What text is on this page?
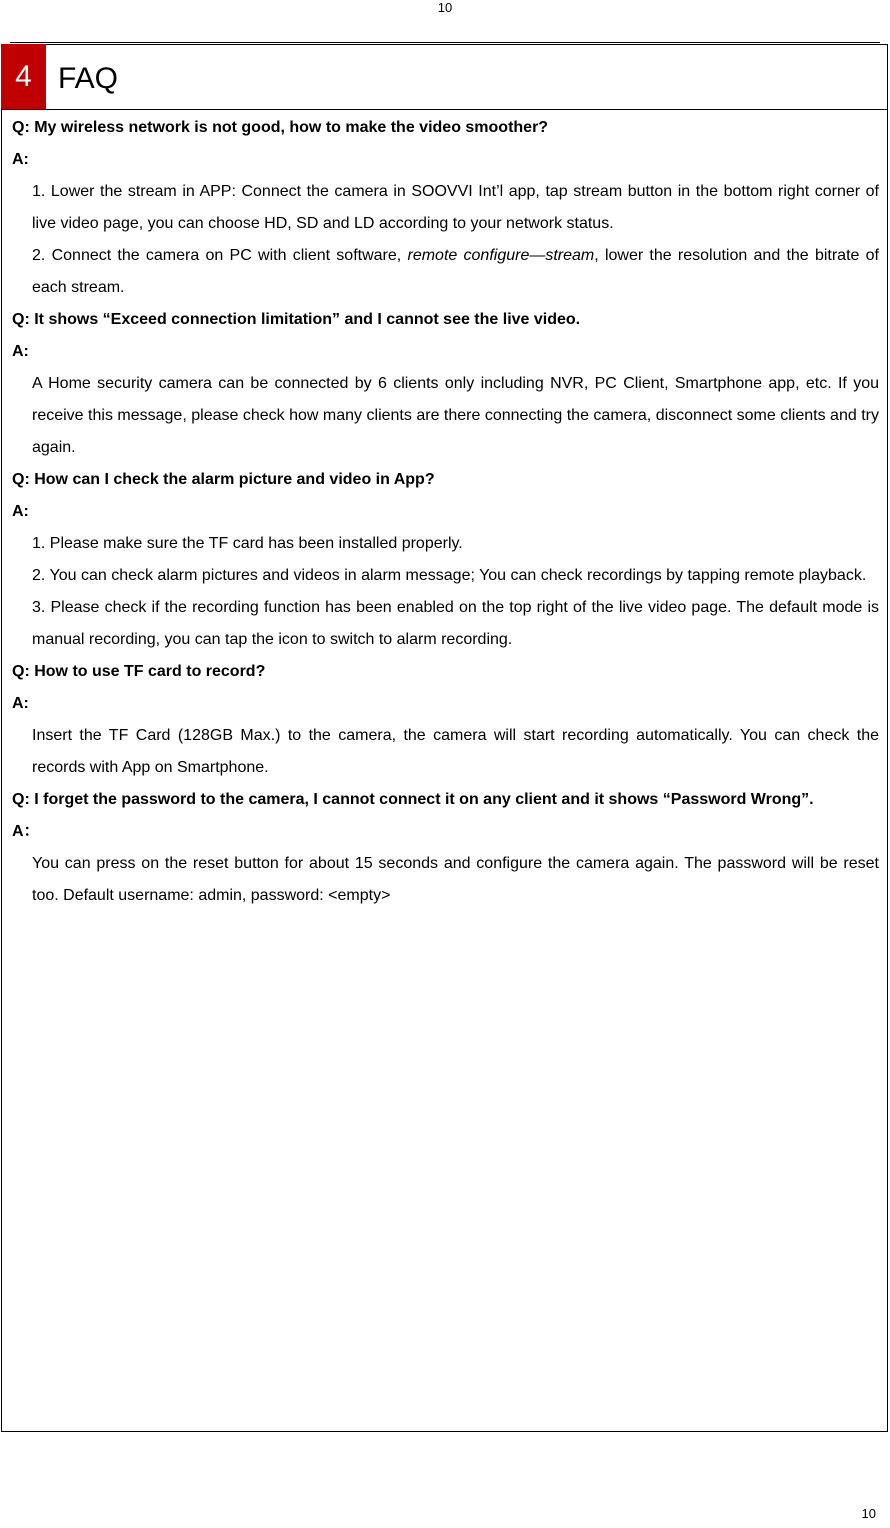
10
4 FAQ
Q: My wireless network is not good, how to make the video smoother?
A:
1. Lower the stream in APP: Connect the camera in SOOVVI Int’l app, tap stream button in the bottom right corner of live video page, you can choose HD, SD and LD according to your network status.
2. Connect the camera on PC with client software, remote configure—stream, lower the resolution and the bitrate of each stream.
Q: It shows “Exceed connection limitation” and I cannot see the live video.
A:
A Home security camera can be connected by 6 clients only including NVR, PC Client, Smartphone app, etc. If you receive this message, please check how many clients are there connecting the camera, disconnect some clients and try again.
Q: How can I check the alarm picture and video in App?
A:
1. Please make sure the TF card has been installed properly.
2. You can check alarm pictures and videos in alarm message; You can check recordings by tapping remote playback.
3. Please check if the recording function has been enabled on the top right of the live video page. The default mode is manual recording, you can tap the icon to switch to alarm recording.
Q: How to use TF card to record?
A:
Insert the TF Card (128GB Max.) to the camera, the camera will start recording automatically. You can check the records with App on Smartphone.
Q: I forget the password to the camera, I cannot connect it on any client and it shows “Password Wrong”.
A：
You can press on the reset button for about 15 seconds and configure the camera again. The password will be reset too. Default username: admin, password: <empty>
10
